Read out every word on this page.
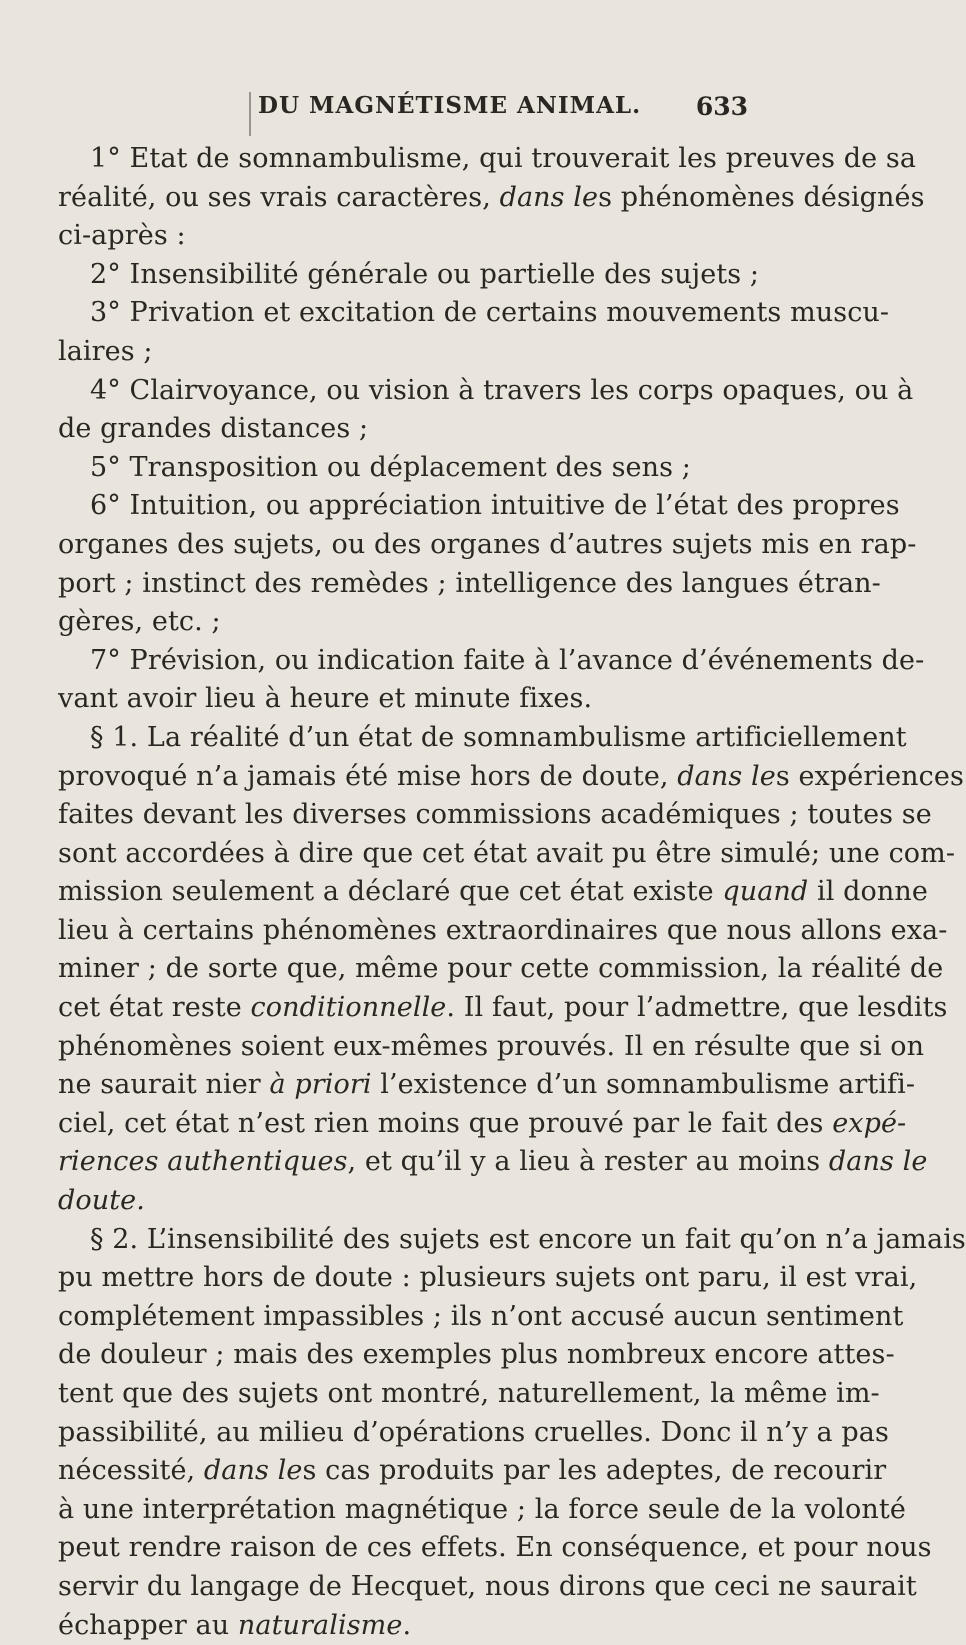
DU MAGNÉTISME ANIMAL. 633
1° Etat de somnambulisme, qui trouverait les preuves de sa
réalité, ou ses vrais caractères, dans les phénomènes désignés
ci-après :
2° Insensibilité générale ou partielle des sujets ;
3° Privation et excitation de certains mouvements muscu-
laires ;
4° Clairvoyance, ou vision à travers les corps opaques, ou à
de grandes distances ;
5° Transposition ou déplacement des sens ;
6° Intuition, ou appréciation intuitive de l’état des propres
organes des sujets, ou des organes d’autres sujets mis en rap-
port ; instinct des remèdes ; intelligence des langues étran-
gères, etc. ;
7° Prévision, ou indication faite à l’avance d’événements de-
vant avoir lieu à heure et minute fixes.
§ 1. La réalité d’un état de somnambulisme artificiellement
provoqué n’a jamais été mise hors de doute, dans les expériences
faites devant les diverses commissions académiques ; toutes se
sont accordées à dire que cet état avait pu être simulé; une com-
mission seulement a déclaré que cet état existe quand il donne
lieu à certains phénomènes extraordinaires que nous allons exa-
miner ; de sorte que, même pour cette commission, la réalité de
cet état reste conditionnelle. Il faut, pour l’admettre, que lesdits
phénomènes soient eux-mêmes prouvés. Il en résulte que si on
ne saurait nier à priori l’existence d’un somnambulisme artifi-
ciel, cet état n’est rien moins que prouvé par le fait des expé-
riences authentiques, et qu’il y a lieu à rester au moins dans le
doute.
§ 2. L’insensibilité des sujets est encore un fait qu’on n’a jamais
pu mettre hors de doute : plusieurs sujets ont paru, il est vrai,
complétement impassibles ; ils n’ont accusé aucun sentiment
de douleur ; mais des exemples plus nombreux encore attes-
tent que des sujets ont montré, naturellement, la même im-
passibilité, au milieu d’opérations cruelles. Donc il n’y a pas
nécessité, dans les cas produits par les adeptes, de recourir
à une interprétation magnétique ; la force seule de la volonté
peut rendre raison de ces effets. En conséquence, et pour nous
servir du langage de Hecquet, nous dirons que ceci ne saurait
échapper au naturalisme.
